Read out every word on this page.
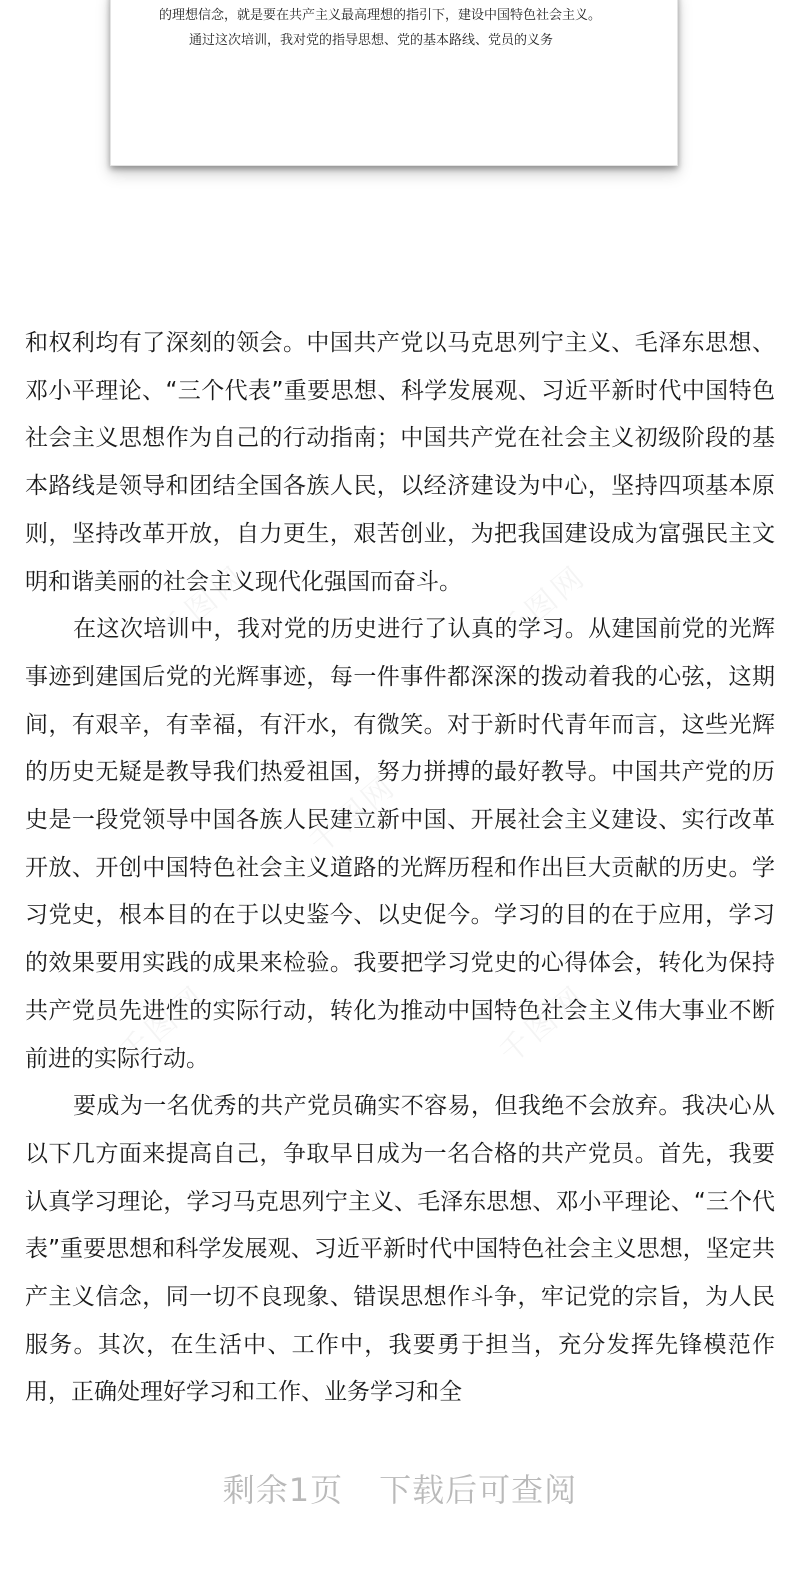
的理想信念，就是要在共产主义最高理想的指引下，建设中国特色社会主义。

通过这次培训，我对党的指导思想、党的基本路线、党员的义务

和权利均有了深刻的领会。中国共产党以马克思列宁主义、毛泽东思想、邓小平理论、“三个代表”重要思想、科学发展观、习近平新时代中国特色社会主义思想作为自己的行动指南；中国共产党在社会主义初级阶段的基本路线是领导和团结全国各族人民，以经济建设为中心，坚持四项基本原则，坚持改革开放，自力更生，艰苦创业，为把我国建设成为富强民主文明和谐美丽的社会主义现代化强国而奋斗。

在这次培训中，我对党的历史进行了认真的学习。从建国前党的光辉事迹到建国后党的光辉事迹，每一件事件都深深的拨动着我的心弦，这期间，有艰辛，有幸福，有汗水，有微笑。对于新时代青年而言，这些光辉的历史无疑是教导我们热爱祖国，努力拼搏的最好教导。中国共产党的历史是一段党领导中国各族人民建立新中国、开展社会主义建设、实行改革开放、开创中国特色社会主义道路的光辉历程和作出巨大贡献的历史。学习党史，根本目的在于以史鉴今、以史促今。学习的目的在于应用，学习的效果要用实践的成果来检验。我要把学习党史的心得体会，转化为保持共产党员先进性的实际行动，转化为推动中国特色社会主义伟大事业不断前进的实际行动。

要成为一名优秀的共产党员确实不容易，但我绝不会放弃。我决心从以下几方面来提高自己，争取早日成为一名合格的共产党员。首先，我要认真学习理论，学习马克思列宁主义、毛泽东思想、邓小平理论、“三个代表”重要思想和科学发展观、习近平新时代中国特色社会主义思想，坚定共产主义信念，同一切不良现象、错误思想作斗争，牢记党的宗旨，为人民服务。其次，在生活中、工作中，我要勇于担当，充分发挥先锋模范作用，正确处理好学习和工作、业务学习和全

剩余1页 下载后可查阅
